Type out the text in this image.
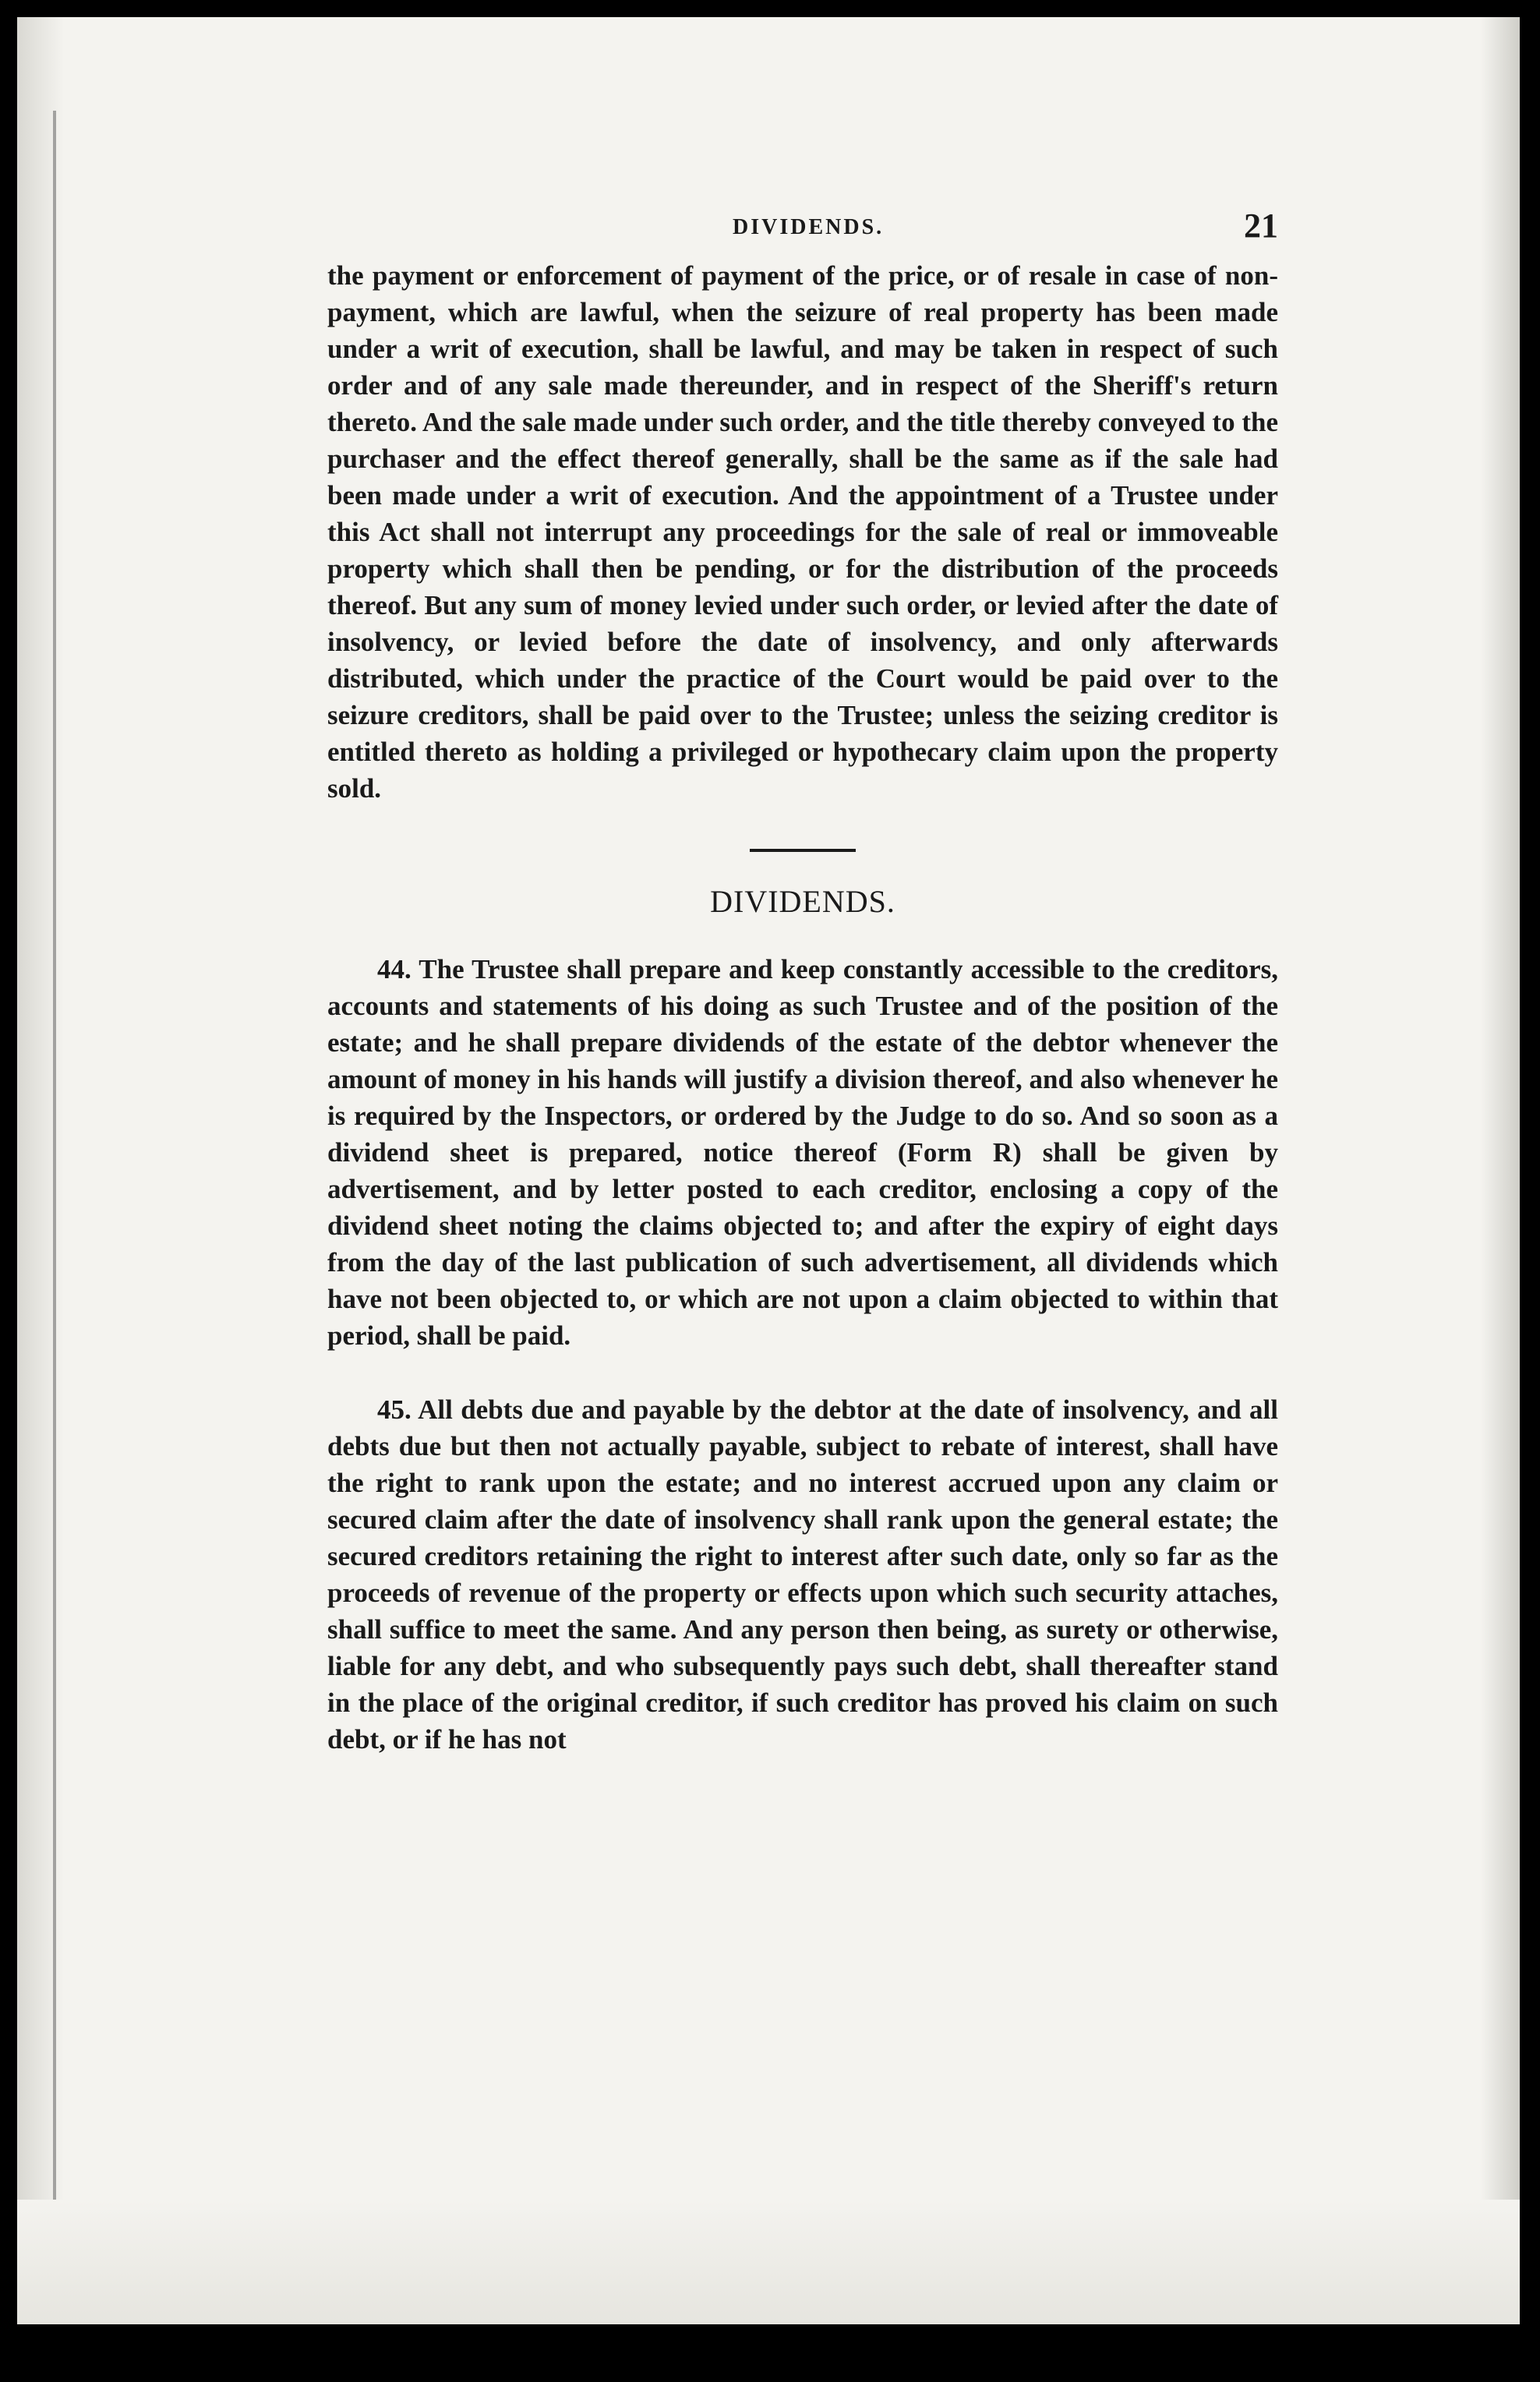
DIVIDENDS.	21

the payment or enforcement of payment of the price, or of resale in case of non-payment, which are lawful, when the seizure of real property has been made under a writ of execution, shall be lawful, and may be taken in respect of such order and of any sale made thereunder, and in respect of the Sheriff's return thereto. And the sale made under such order, and the title thereby conveyed to the purchaser and the effect thereof generally, shall be the same as if the sale had been made under a writ of execution. And the appointment of a Trustee under this Act shall not interrupt any proceedings for the sale of real or immoveable property which shall then be pending, or for the distribution of the proceeds thereof. But any sum of money levied under such order, or levied after the date of insolvency, or levied before the date of insolvency, and only afterwards distributed, which under the practice of the Court would be paid over to the seizure creditors, shall be paid over to the Trustee; unless the seizing creditor is entitled thereto as holding a privileged or hypothecary claim upon the property sold.

DIVIDENDS.

44. The Trustee shall prepare and keep constantly accessible to the creditors, accounts and statements of his doing as such Trustee and of the position of the estate; and he shall prepare dividends of the estate of the debtor whenever the amount of money in his hands will justify a division thereof, and also whenever he is required by the Inspectors, or ordered by the Judge to do so. And so soon as a dividend sheet is prepared, notice thereof (Form R) shall be given by advertisement, and by letter posted to each creditor, enclosing a copy of the dividend sheet noting the claims objected to; and after the expiry of eight days from the day of the last publication of such advertisement, all dividends which have not been objected to, or which are not upon a claim objected to within that period, shall be paid.

45. All debts due and payable by the debtor at the date of insolvency, and all debts due but then not actually payable, subject to rebate of interest, shall have the right to rank upon the estate; and no interest accrued upon any claim or secured claim after the date of insolvency shall rank upon the general estate; the secured creditors retaining the right to interest after such date, only so far as the proceeds of revenue of the property or effects upon which such security attaches, shall suffice to meet the same. And any person then being, as surety or otherwise, liable for any debt, and who subsequently pays such debt, shall thereafter stand in the place of the original creditor, if such creditor has proved his claim on such debt, or if he has not
